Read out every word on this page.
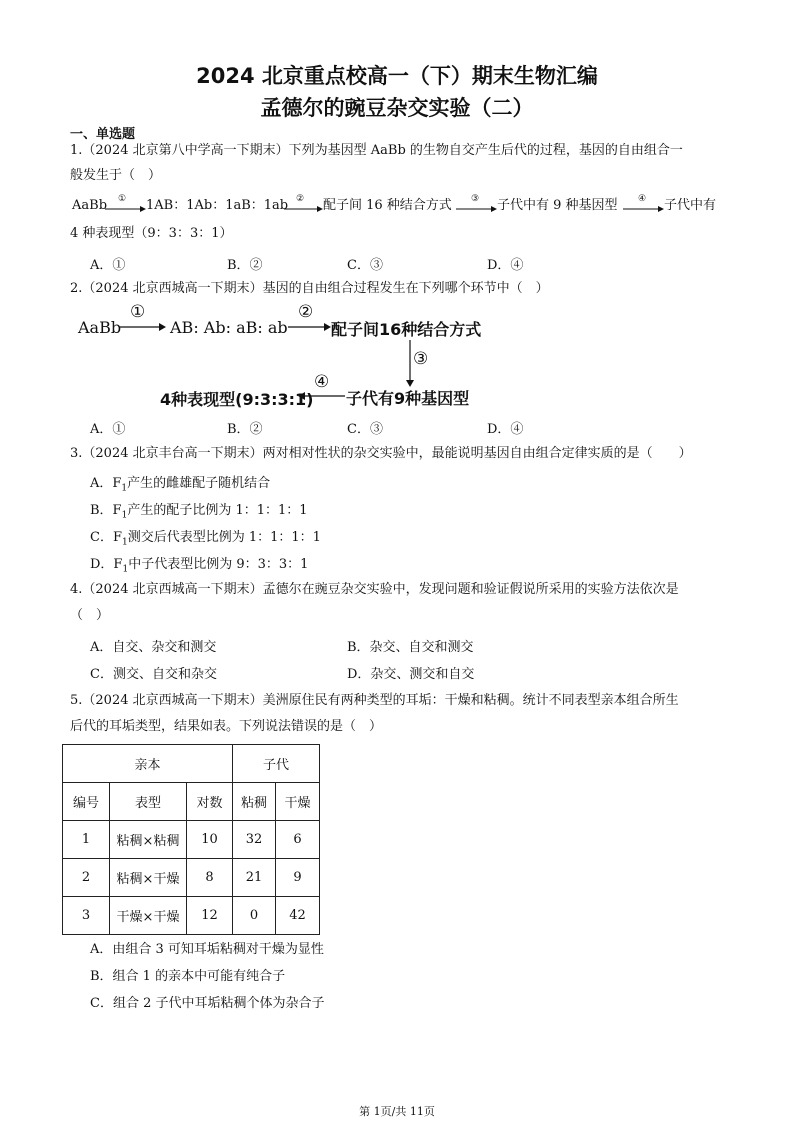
2024 北京重点校高一（下）期末生物汇编
孟德尔的豌豆杂交实验（二）
一、单选题
1.（2024 北京第八中学高一下期末）下列为基因型 AaBb 的生物自交产生后代的过程，基因的自由组合一
般发生于（　）
AaBb ① 1AB：1Ab：1aB：1ab ② 配子间 16 种结合方式 ③ 子代中有 9 种基因型 ④ 子代中有
4 种表现型（9：3：3：1）
A．①	B．②	C．③	D．④
2.（2024 北京西城高一下期末）基因的自由组合过程发生在下列哪个环节中（　）
AaBb
①
AB: Ab: aB: ab
②
配子间16种结合方式
③
子代有9种基因型
④
4种表现型(9:3:3:1)
A．①	B．②	C．③	D．④
3.（2024 北京丰台高一下期末）两对相对性状的杂交实验中，最能说明基因自由组合定律实质的是（　　）
A．$F_1$产生的雌雄配子随机结合
B．$F_1$产生的配子比例为 1：1：1：1
C．$F_1$测交后代表型比例为 1：1：1：1
D．$F_1$中子代表型比例为 9：3：3：1
4.（2024 北京西城高一下期末）孟德尔在豌豆杂交实验中，发现问题和验证假说所采用的实验方法依次是
（　）
A．自交、杂交和测交	B．杂交、自交和测交
C．测交、自交和杂交	D．杂交、测交和自交
5.（2024 北京西城高一下期末）美洲原住民有两种类型的耳垢：干燥和粘稠。统计不同表型亲本组合所生
后代的耳垢类型，结果如表。下列说法错误的是（　）
亲本			子代	
编号	表型	对数	粘稠	干燥
1	粘稠×粘稠	10	32	6
2	粘稠×干燥	8	21	9
3	干燥×干燥	12	0	42
A．由组合 3 可知耳垢粘稠对干燥为显性
B．组合 1 的亲本中可能有纯合子
C．组合 2 子代中耳垢粘稠个体为杂合子
第 1页/共 11页
